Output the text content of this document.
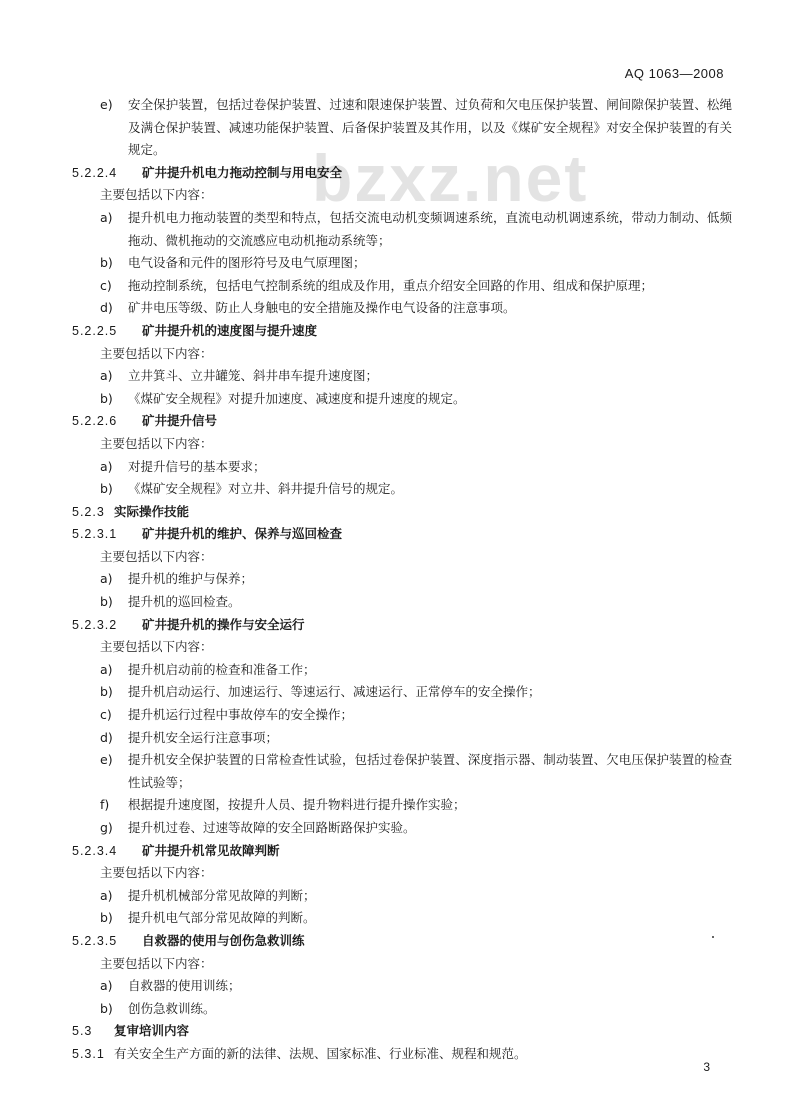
AQ 1063—2008
bzxz.net
e)	安全保护装置，包括过卷保护装置、过速和限速保护装置、过负荷和欠电压保护装置、闸间隙保护装置、松绳及满仓保护装置、减速功能保护装置、后备保护装置及其作用，以及《煤矿安全规程》对安全保护装置的有关规定。
5.2.2.4 矿井提升机电力拖动控制与用电安全
主要包括以下内容：
a)	提升机电力拖动装置的类型和特点，包括交流电动机变频调速系统，直流电动机调速系统，带动力制动、低频拖动、微机拖动的交流感应电动机拖动系统等；
b)	电气设备和元件的图形符号及电气原理图；
c)	拖动控制系统，包括电气控制系统的组成及作用，重点介绍安全回路的作用、组成和保护原理；
d)	矿井电压等级、防止人身触电的安全措施及操作电气设备的注意事项。
5.2.2.5 矿井提升机的速度图与提升速度
主要包括以下内容：
a)	立井箕斗、立井罐笼、斜井串车提升速度图；
b)	《煤矿安全规程》对提升加速度、减速度和提升速度的规定。
5.2.2.6 矿井提升信号
主要包括以下内容：
a)	对提升信号的基本要求；
b)	《煤矿安全规程》对立井、斜井提升信号的规定。
5.2.3 实际操作技能
5.2.3.1 矿井提升机的维护、保养与巡回检查
主要包括以下内容：
a)	提升机的维护与保养；
b)	提升机的巡回检查。
5.2.3.2 矿井提升机的操作与安全运行
主要包括以下内容：
a)	提升机启动前的检查和准备工作；
b)	提升机启动运行、加速运行、等速运行、减速运行、正常停车的安全操作；
c)	提升机运行过程中事故停车的安全操作；
d)	提升机安全运行注意事项；
e)	提升机安全保护装置的日常检查性试验，包括过卷保护装置、深度指示器、制动装置、欠电压保护装置的检查性试验等；
f)	根据提升速度图，按提升人员、提升物料进行提升操作实验；
g)	提升机过卷、过速等故障的安全回路断路保护实验。
5.2.3.4 矿井提升机常见故障判断
主要包括以下内容：
a)	提升机机械部分常见故障的判断；
b)	提升机电气部分常见故障的判断。
5.2.3.5 自救器的使用与创伤急救训练
主要包括以下内容：
a)	自救器的使用训练；
b)	创伤急救训练。
5.3 复审培训内容
5.3.1 有关安全生产方面的新的法律、法规、国家标准、行业标准、规程和规范。
3
